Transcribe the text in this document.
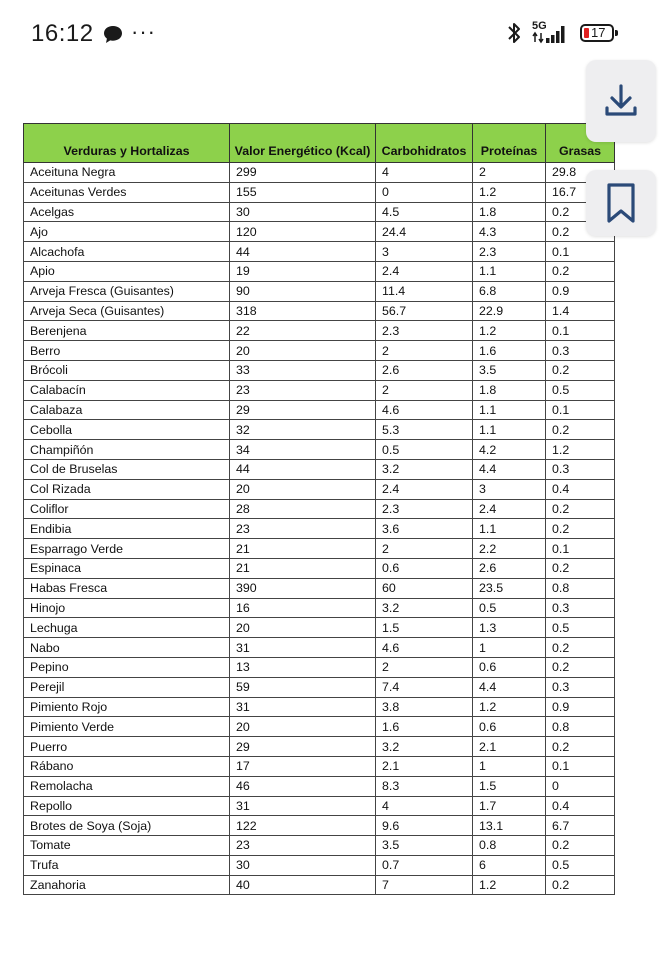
16:12 ···	5G	17
Verduras y Hortalizas	Valor Energético (Kcal)	Carbohidratos	Proteínas	Grasas
Aceituna Negra	299	4	2	29.8
Aceitunas Verdes	155	0	1.2	16.7
Acelgas	30	4.5	1.8	0.2
Ajo	120	24.4	4.3	0.2
Alcachofa	44	3	2.3	0.1
Apio	19	2.4	1.1	0.2
Arveja Fresca (Guisantes)	90	11.4	6.8	0.9
Arveja Seca (Guisantes)	318	56.7	22.9	1.4
Berenjena	22	2.3	1.2	0.1
Berro	20	2	1.6	0.3
Brócoli	33	2.6	3.5	0.2
Calabacín	23	2	1.8	0.5
Calabaza	29	4.6	1.1	0.1
Cebolla	32	5.3	1.1	0.2
Champiñón	34	0.5	4.2	1.2
Col de Bruselas	44	3.2	4.4	0.3
Col Rizada	20	2.4	3	0.4
Coliflor	28	2.3	2.4	0.2
Endibia	23	3.6	1.1	0.2
Esparrago Verde	21	2	2.2	0.1
Espinaca	21	0.6	2.6	0.2
Habas Fresca	390	60	23.5	0.8
Hinojo	16	3.2	0.5	0.3
Lechuga	20	1.5	1.3	0.5
Nabo	31	4.6	1	0.2
Pepino	13	2	0.6	0.2
Perejil	59	7.4	4.4	0.3
Pimiento Rojo	31	3.8	1.2	0.9
Pimiento Verde	20	1.6	0.6	0.8
Puerro	29	3.2	2.1	0.2
Rábano	17	2.1	1	0.1
Remolacha	46	8.3	1.5	0
Repollo	31	4	1.7	0.4
Brotes de Soya (Soja)	122	9.6	13.1	6.7
Tomate	23	3.5	0.8	0.2
Trufa	30	0.7	6	0.5
Zanahoria	40	7	1.2	0.2
